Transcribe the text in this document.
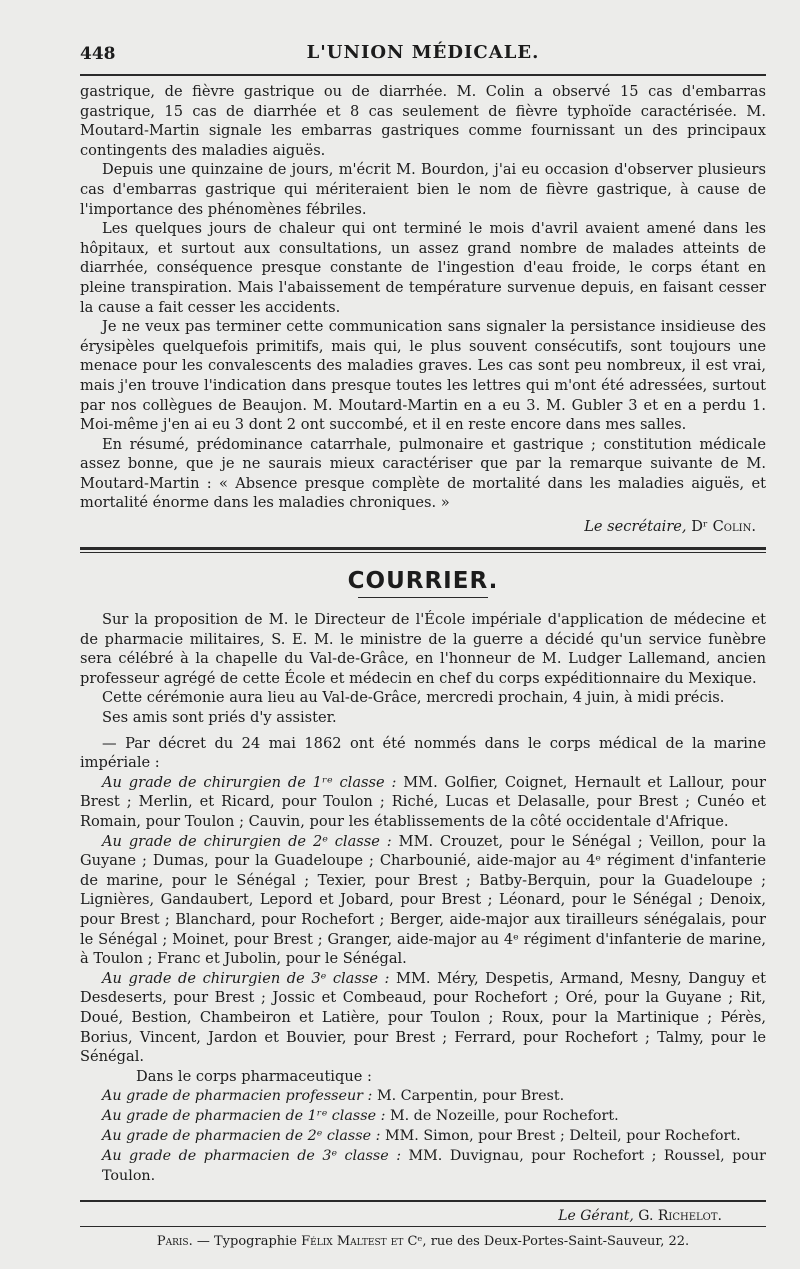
448	L'UNION MÉDICALE.

gastrique, de fièvre gastrique ou de diarrhée. M. Colin a observé 15 cas d'embarras gastrique, 15 cas de diarrhée et 8 cas seulement de fièvre typhoïde caractérisée. M. Moutard-Martin signale les embarras gastriques comme fournissant un des principaux contingents des maladies aiguës.

Depuis une quinzaine de jours, m'écrit M. Bourdon, j'ai eu occasion d'observer plusieurs cas d'embarras gastrique qui mériteraient bien le nom de fièvre gastrique, à cause de l'importance des phénomènes fébriles.

Les quelques jours de chaleur qui ont terminé le mois d'avril avaient amené dans les hôpitaux, et surtout aux consultations, un assez grand nombre de malades atteints de diarrhée, conséquence presque constante de l'ingestion d'eau froide, le corps étant en pleine transpiration. Mais l'abaissement de température survenue depuis, en faisant cesser la cause a fait cesser les accidents.

Je ne veux pas terminer cette communication sans signaler la persistance insidieuse des érysipèles quelquefois primitifs, mais qui, le plus souvent consécutifs, sont toujours une menace pour les convalescents des maladies graves. Les cas sont peu nombreux, il est vrai, mais j'en trouve l'indication dans presque toutes les lettres qui m'ont été adressées, surtout par nos collègues de Beaujon. M. Moutard-Martin en a eu 3. M. Gubler 3 et en a perdu 1. Moi-même j'en ai eu 3 dont 2 ont succombé, et il en reste encore dans mes salles.

En résumé, prédominance catarrhale, pulmonaire et gastrique ; constitution médicale assez bonne, que je ne saurais mieux caractériser que par la remarque suivante de M. Moutard-Martin : « Absence presque complète de mortalité dans les maladies aiguës, et mortalité énorme dans les maladies chroniques. »

Le secrétaire, Dʳ Colin.
COURRIER.

Sur la proposition de M. le Directeur de l'École impériale d'application de médecine et de pharmacie militaires, S. E. M. le ministre de la guerre a décidé qu'un service funèbre sera célébré à la chapelle du Val-de-Grâce, en l'honneur de M. Ludger Lallemand, ancien professeur agrégé de cette École et médecin en chef du corps expéditionnaire du Mexique.

Cette cérémonie aura lieu au Val-de-Grâce, mercredi prochain, 4 juin, à midi précis.

Ses amis sont priés d'y assister.

— Par décret du 24 mai 1862 ont été nommés dans le corps médical de la marine impériale :

Au grade de chirurgien de 1ʳᵉ classe : MM. Golfier, Coignet, Hernault et Lallour, pour Brest ; Merlin, et Ricard, pour Toulon ; Riché, Lucas et Delasalle, pour Brest ; Cunéo et Romain, pour Toulon ; Cauvin, pour les établissements de la côté occidentale d'Afrique.

Au grade de chirurgien de 2ᵉ classe : MM. Crouzet, pour le Sénégal ; Veillon, pour la Guyane ; Dumas, pour la Guadeloupe ; Charbounié, aide-major au 4ᵉ régiment d'infanterie de marine, pour le Sénégal ; Texier, pour Brest ; Batby-Berquin, pour la Guadeloupe ; Lignières, Gandaubert, Lepord et Jobard, pour Brest ; Léonard, pour le Sénégal ; Denoix, pour Brest ; Blanchard, pour Rochefort ; Berger, aide-major aux tirailleurs sénégalais, pour le Sénégal ; Moinet, pour Brest ; Granger, aide-major au 4ᵉ régiment d'infanterie de marine, à Toulon ; Franc et Jubolin, pour le Sénégal.

Au grade de chirurgien de 3ᵉ classe : MM. Méry, Despetis, Armand, Mesny, Danguy et Desdeserts, pour Brest ; Jossic et Combeaud, pour Rochefort ; Oré, pour la Guyane ; Rit, Doué, Bestion, Chambeiron et Latière, pour Toulon ; Roux, pour la Martinique ; Pérès, Borius, Vincent, Jardon et Bouvier, pour Brest ; Ferrard, pour Rochefort ; Talmy, pour le Sénégal.

Dans le corps pharmaceutique :

Au grade de pharmacien professeur : M. Carpentin, pour Brest.

Au grade de pharmacien de 1ʳᵉ classe : M. de Nozeille, pour Rochefort.

Au grade de pharmacien de 2ᵉ classe : MM. Simon, pour Brest ; Delteil, pour Rochefort.

Au grade de pharmacien de 3ᵉ classe : MM. Duvignau, pour Rochefort ; Roussel, pour Toulon.

Le Gérant, G. Richelot.
Paris. — Typographie Félix Maltest et Cᵉ, rue des Deux-Portes-Saint-Sauveur, 22.
